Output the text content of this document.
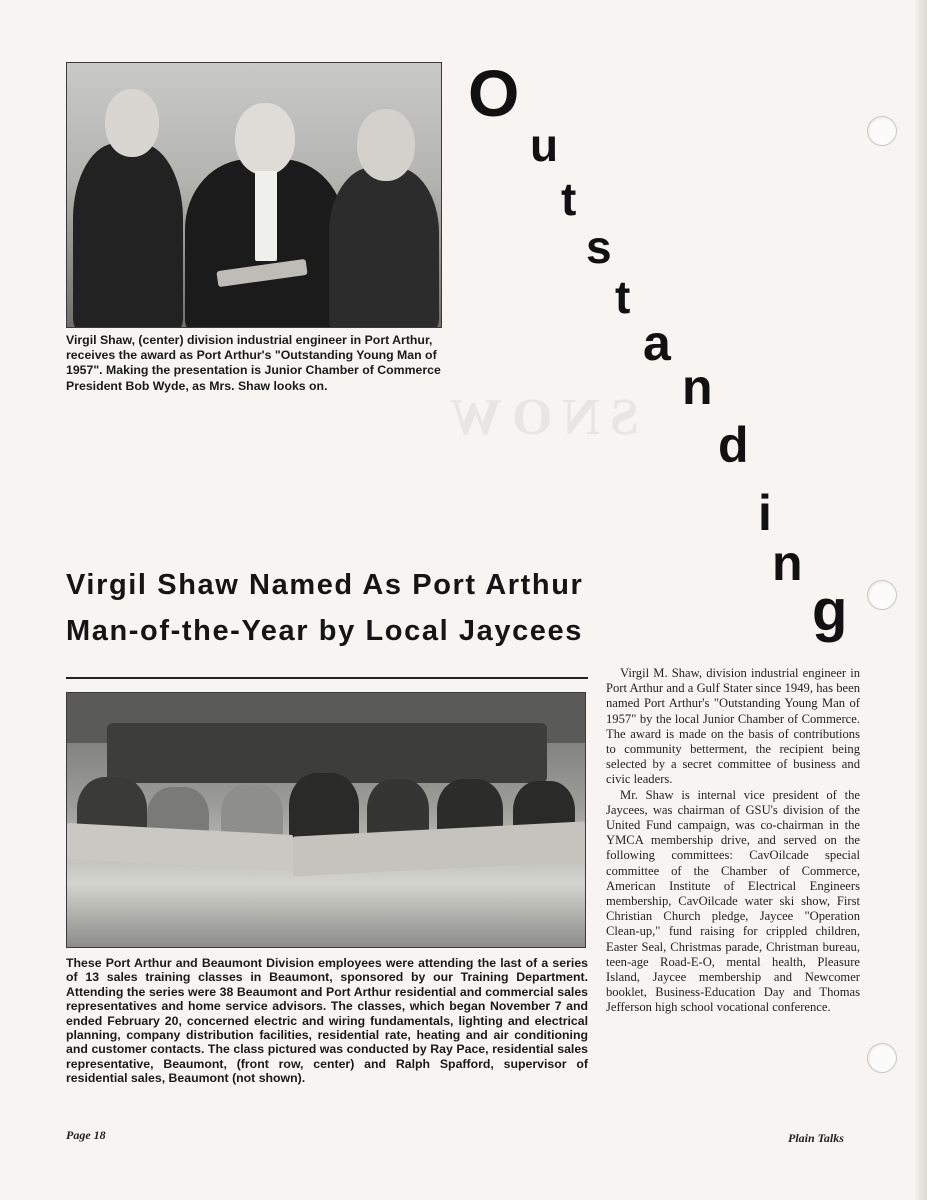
SNOW
Virgil Shaw, (center) division industrial engineer in Port Arthur, receives the award as Port Arthur's "Outstanding Young Man of 1957". Making the presentation is Junior Chamber of Commerce President Bob Wyde, as Mrs. Shaw looks on.
O
u
t
s
t
a
n
d
i
n
g
Virgil Shaw Named As Port Arthur
Man-of-the-Year by Local Jaycees
These Port Arthur and Beaumont Division employees were attending the last of a series of 13 sales training classes in Beaumont, sponsored by our Training Department. Attending the series were 38 Beaumont and Port Arthur residential and commercial sales representatives and home service advisors. The classes, which began November 7 and ended February 20, concerned electric and wiring fundamentals, lighting and electrical planning, company distribution facilities, residential rate, heating and air conditioning and customer contacts. The class pictured was conducted by Ray Pace, residential sales representative, Beaumont, (front row, center) and Ralph Spafford, supervisor of residential sales, Beaumont (not shown).

Virgil M. Shaw, division industrial engineer in Port Arthur and a Gulf Stater since 1949, has been named Port Arthur's "Outstanding Young Man of 1957" by the local Junior Chamber of Commerce. The award is made on the basis of contributions to community betterment, the recipient being selected by a secret committee of business and civic leaders.

Mr. Shaw is internal vice president of the Jaycees, was chairman of GSU's division of the United Fund campaign, was co-chairman in the YMCA membership drive, and served on the following committees: CavOilcade special committee of the Chamber of Commerce, American Institute of Electrical Engineers membership, CavOilcade water ski show, First Christian Church pledge, Jaycee "Operation Clean-up," fund raising for crippled children, Easter Seal, Christmas parade, Christman bureau, teen-age Road-E-O, mental health, Pleasure Island, Jaycee membership and Newcomer booklet, Business-Education Day and Thomas Jefferson high school vocational conference.

Page 18	Plain Talks
